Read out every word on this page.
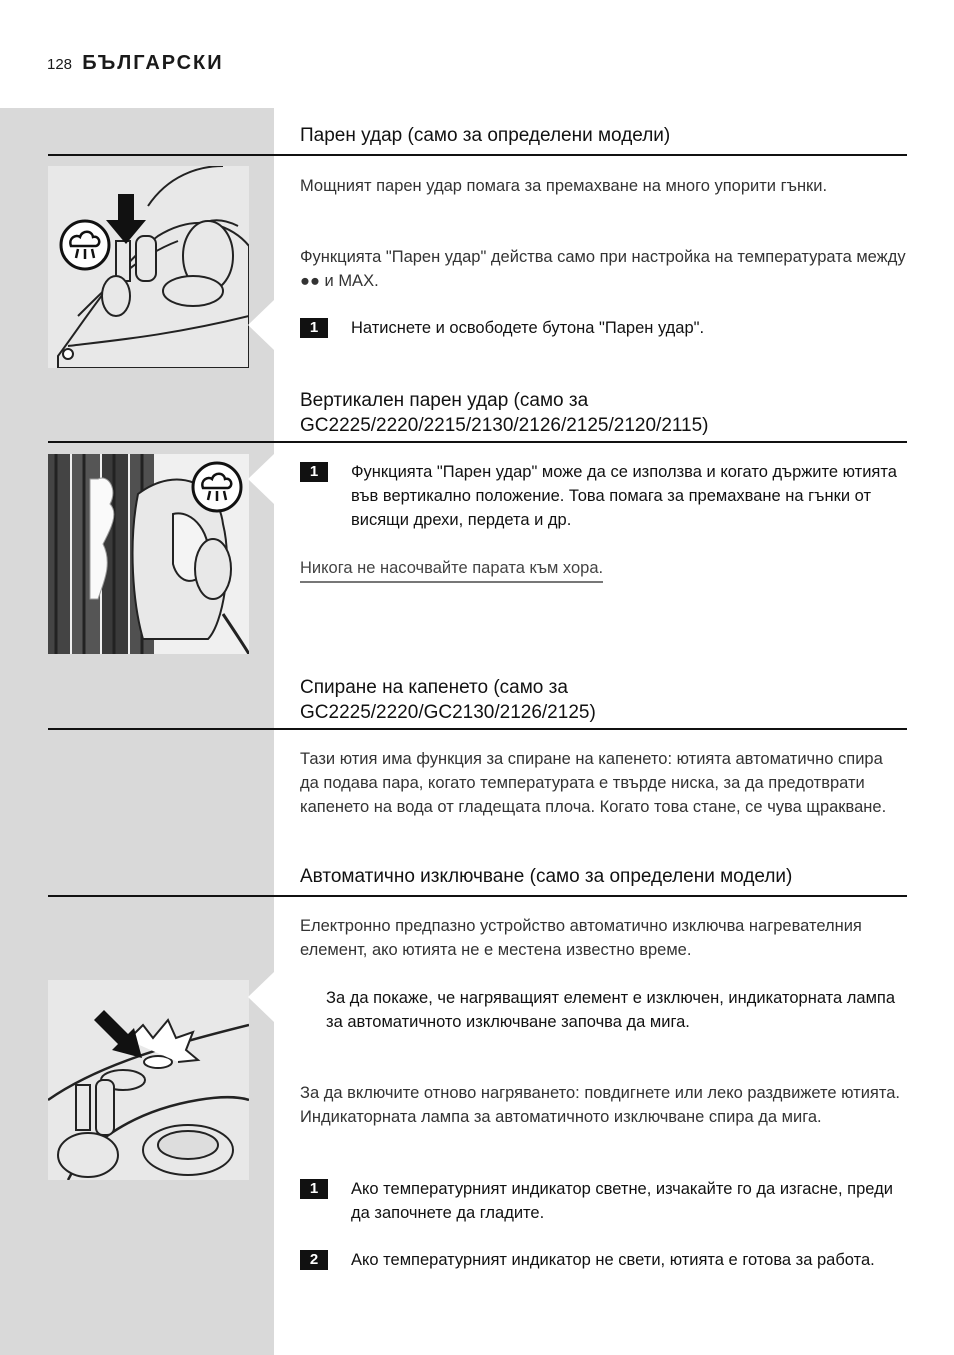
128 БЪЛГАРСКИ
Парен удар (само за определени модели)
Мощният парен удар помага за премахване на много упорити гънки.
Функцията "Парен удар" действа само при настройка на температурата между ●● и MAX.
1	Натиснете и освободете бутона "Парен удар".
Вертикален парен удар (само за GC2225/2220/2215/2130/2126/2125/2120/2115)
1	Функцията "Парен удар" може да се използва и когато държите ютията във вертикално положение. Това помага за премахване на гънки от висящи дрехи, пердета и др.
Никога не насочвайте парата към хора.
Спиране на капенето (само за GC2225/2220/GC2130/2126/2125)
Тази ютия има функция за спиране на капенето: ютията автоматично спира да подава пара, когато температурата е твърде ниска, за да предотврати капенето на вода от гладещата плоча. Когато това стане, се чува щракване.
Автоматично изключване (само за определени модели)
Електронно предпазно устройство автоматично изключва нагревателния елемент, ако ютията не е местена известно време.
За да покаже, че нагряващият елемент е изключен, индикаторната лампа за автоматичното изключване започва да мига.
За да включите отново нагряването: повдигнете или леко раздвижете ютията. Индикаторната лампа за автоматичното изключване спира да мига.
1	Ако температурният индикатор светне, изчакайте го да изгасне, преди да започнете да гладите.
2	Ако температурният индикатор не свети, ютията е готова за работа.
